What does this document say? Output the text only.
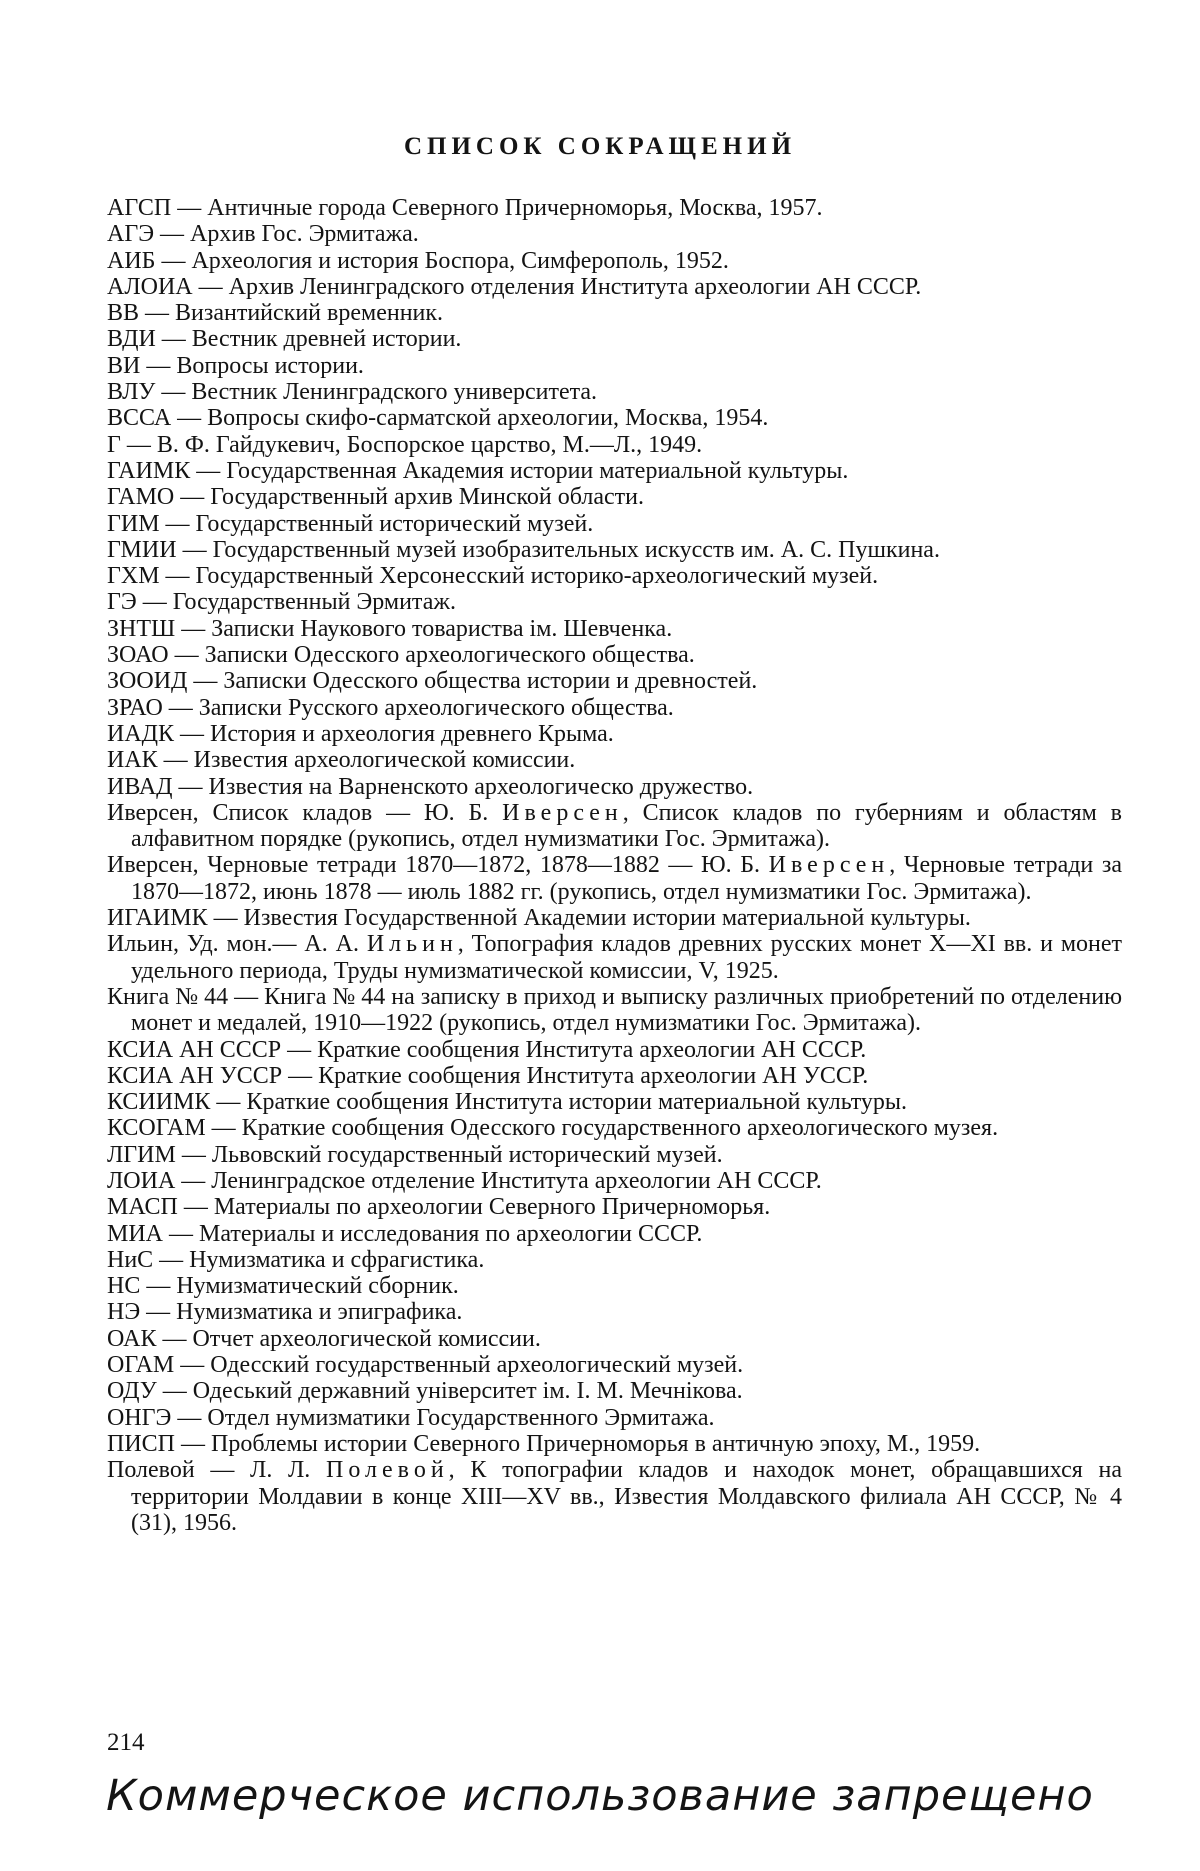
СПИСОК СОКРАЩЕНИЙ
АГСП — Античные города Северного Причерноморья, Москва, 1957.
АГЭ — Архив Гос. Эрмитажа.
АИБ — Археология и история Боспора, Симферополь, 1952.
АЛОИА — Архив Ленинградского отделения Института археологии АН СССР.
ВВ — Византийский временник.
ВДИ — Вестник древней истории.
ВИ — Вопросы истории.
ВЛУ — Вестник Ленинградского университета.
ВССА — Вопросы скифо-сарматской археологии, Москва, 1954.
Г — В. Ф. Гайдукевич, Боспорское царство, М.—Л., 1949.
ГАИМК — Государственная Академия истории материальной культуры.
ГАМО — Государственный архив Минской области.
ГИМ — Государственный исторический музей.
ГМИИ — Государственный музей изобразительных искусств им. А. С. Пушкина.
ГХМ — Государственный Херсонесский историко-археологический музей.
ГЭ — Государственный Эрмитаж.
ЗНТШ — Записки Наукового товариства ім. Шевченка.
ЗОАО — Записки Одесского археологического общества.
ЗООИД — Записки Одесского общества истории и древностей.
ЗРАО — Записки Русского археологического общества.
ИАДК — История и археология древнего Крыма.
ИАК — Известия археологической комиссии.
ИВАД — Известия на Варненското археологическо дружество.
Иверсен, Список кладов — Ю. Б. Иверсен, Список кладов по губерниям и областям в алфавитном порядке (рукопись, отдел нумизматики Гос. Эрмитажа).
Иверсен, Черновые тетради 1870—1872, 1878—1882 — Ю. Б. Иверсен, Черновые тетради за 1870—1872, июнь 1878 — июль 1882 гг. (рукопись, отдел нумизматики Гос. Эрмитажа).
ИГАИМК — Известия Государственной Академии истории материальной культуры.
Ильин, Уд. мон.— А. А. Ильин, Топография кладов древних русских монет X—XI вв. и монет удельного периода, Труды нумизматической комиссии, V, 1925.
Книга № 44 — Книга № 44 на записку в приход и выписку различных приобретений по отделению монет и медалей, 1910—1922 (рукопись, отдел нумизматики Гос. Эрмитажа).
КСИА АН СССР — Краткие сообщения Института археологии АН СССР.
КСИА АН УССР — Краткие сообщения Института археологии АН УССР.
КСИИМК — Краткие сообщения Института истории материальной культуры.
КСОГАМ — Краткие сообщения Одесского государственного археологического музея.
ЛГИМ — Львовский государственный исторический музей.
ЛОИА — Ленинградское отделение Института археологии АН СССР.
МАСП — Материалы по археологии Северного Причерноморья.
МИА — Материалы и исследования по археологии СССР.
НиС — Нумизматика и сфрагистика.
НС — Нумизматический сборник.
НЭ — Нумизматика и эпиграфика.
ОАК — Отчет археологической комиссии.
ОГАМ — Одесский государственный археологический музей.
ОДУ — Одеський державний університет ім. І. М. Мечнікова.
ОНГЭ — Отдел нумизматики Государственного Эрмитажа.
ПИСП — Проблемы истории Северного Причерноморья в античную эпоху, М., 1959.
Полевой — Л. Л. Полевой, К топографии кладов и находок монет, обращавшихся на территории Молдавии в конце XIII—XV вв., Известия Молдавского филиала АН СССР, № 4 (31), 1956.
214
Коммерческое использование запрещено
